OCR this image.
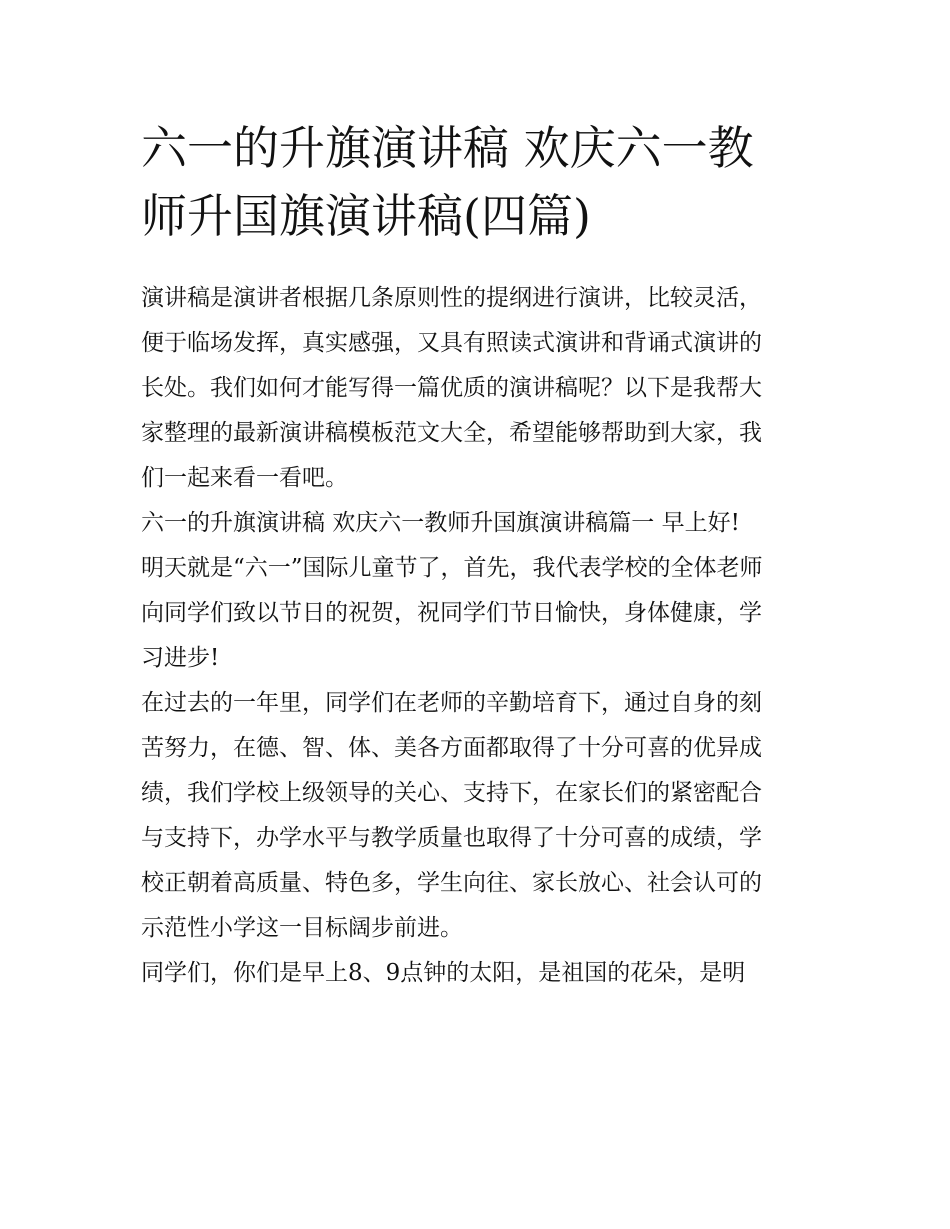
六一的升旗演讲稿 欢庆六一教
师升国旗演讲稿(四篇)
演讲稿是演讲者根据几条原则性的提纲进行演讲，比较灵活，
便于临场发挥，真实感强，又具有照读式演讲和背诵式演讲的
长处。我们如何才能写得一篇优质的演讲稿呢？以下是我帮大
家整理的最新演讲稿模板范文大全，希望能够帮助到大家，我
们一起来看一看吧。
六一的升旗演讲稿 欢庆六一教师升国旗演讲稿篇一 早上好!
明天就是“六一”国际儿童节了，首先，我代表学校的全体老师
向同学们致以节日的祝贺，祝同学们节日愉快，身体健康，学
习进步!
在过去的一年里，同学们在老师的辛勤培育下，通过自身的刻
苦努力，在德、智、体、美各方面都取得了十分可喜的优异成
绩，我们学校上级领导的关心、支持下，在家长们的紧密配合
与支持下，办学水平与教学质量也取得了十分可喜的成绩，学
校正朝着高质量、特色多，学生向往、家长放心、社会认可的
示范性小学这一目标阔步前进。
同学们，你们是早上8、9点钟的太阳，是祖国的花朵，是明
